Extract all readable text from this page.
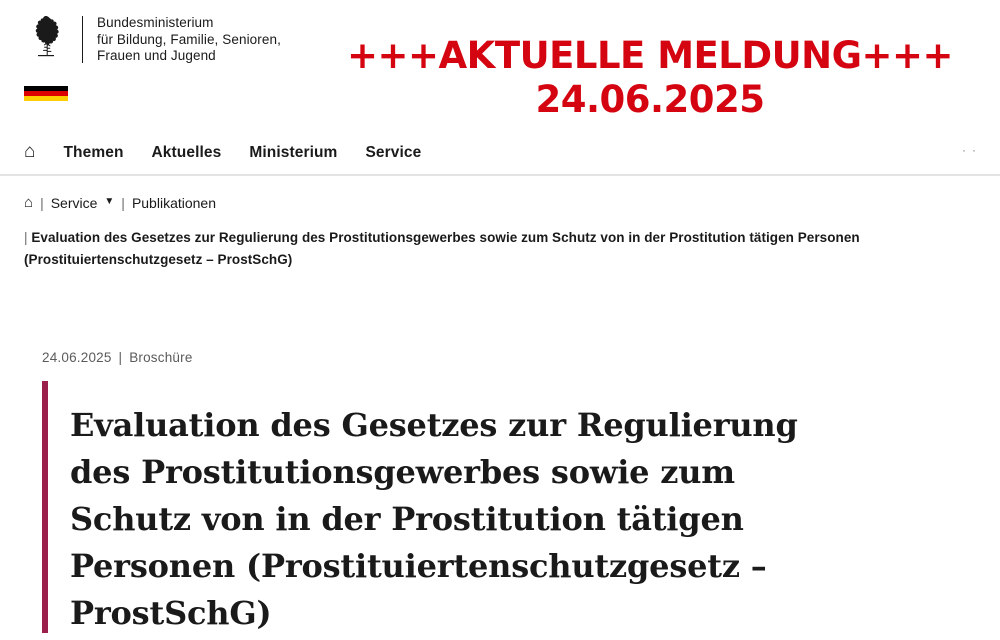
Bundesministerium
für Bildung, Familie, Senioren,
Frauen und Jugend	+++AKTUELLE MELDUNG+++
24.06.2025
⌂ Themen Aktuelles Ministerium Service	··
⌂ | Service ▼ | Publikationen
| Evaluation des Gesetzes zur Regulierung des Prostitutionsgewerbes sowie zum Schutz von in der Prostitution tätigen Personen (Prostituiertenschutzgesetz – ProstSchG)
24.06.2025 | Broschüre
Evaluation des Gesetzes zur Regulierung des Prostitutionsgewerbes sowie zum Schutz von in der Prostitution tätigen Personen (Prostituiertenschutzgesetz – ProstSchG)
